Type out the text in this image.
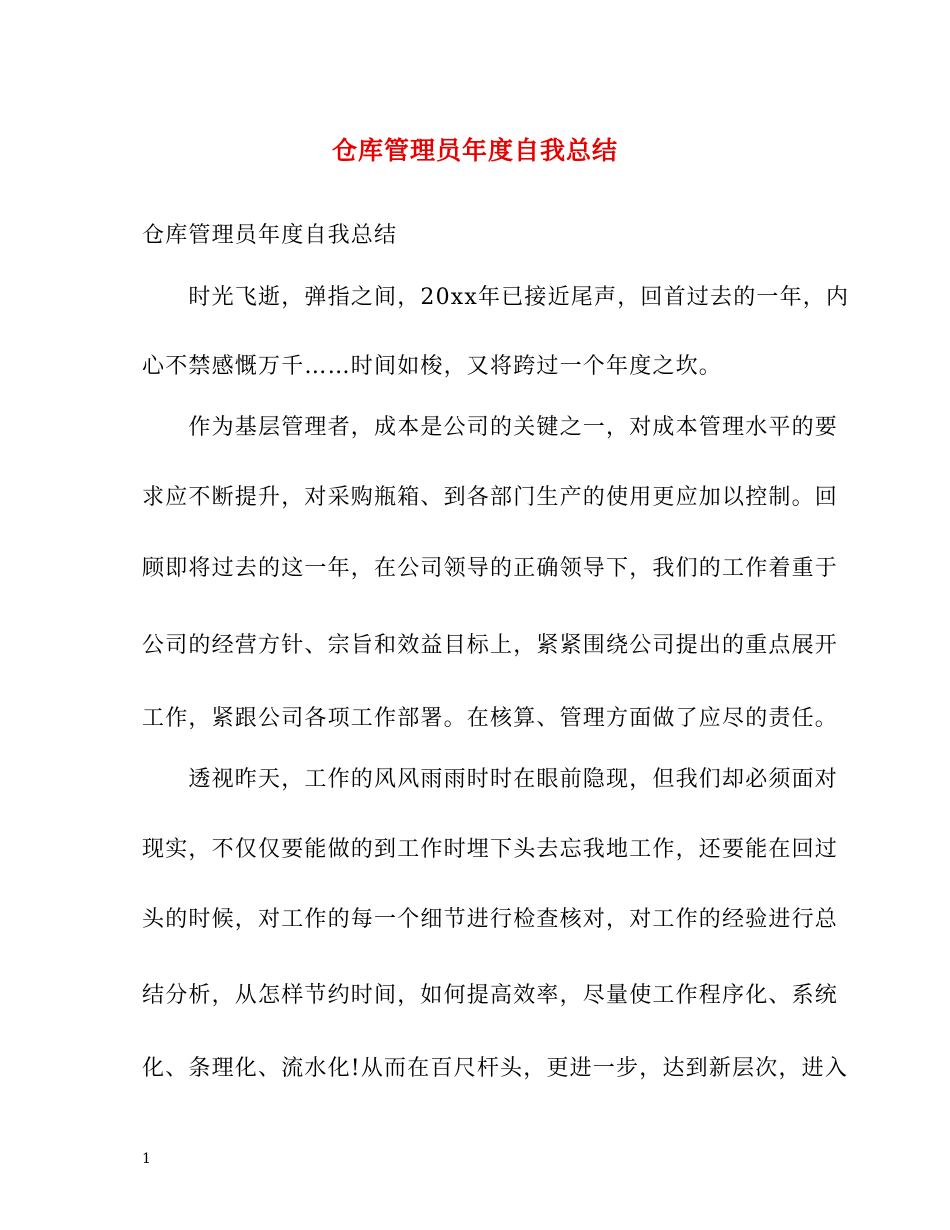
仓库管理员年度自我总结
仓库管理员年度自我总结
　　时光飞逝，弹指之间，20xx年已接近尾声，回首过去的一年，内
心不禁感慨万千……时间如梭，又将跨过一个年度之坎。
　　作为基层管理者，成本是公司的关键之一，对成本管理水平的要
求应不断提升，对采购瓶箱、到各部门生产的使用更应加以控制。回
顾即将过去的这一年，在公司领导的正确领导下，我们的工作着重于
公司的经营方针、宗旨和效益目标上，紧紧围绕公司提出的重点展开
工作，紧跟公司各项工作部署。在核算、管理方面做了应尽的责任。
　　透视昨天，工作的风风雨雨时时在眼前隐现，但我们却必须面对
现实，不仅仅要能做的到工作时埋下头去忘我地工作，还要能在回过
头的时候，对工作的每一个细节进行检查核对，对工作的经验进行总
结分析，从怎样节约时间，如何提高效率，尽量使工作程序化、系统
化、条理化、流水化!从而在百尺杆头，更进一步，达到新层次，进入
1
